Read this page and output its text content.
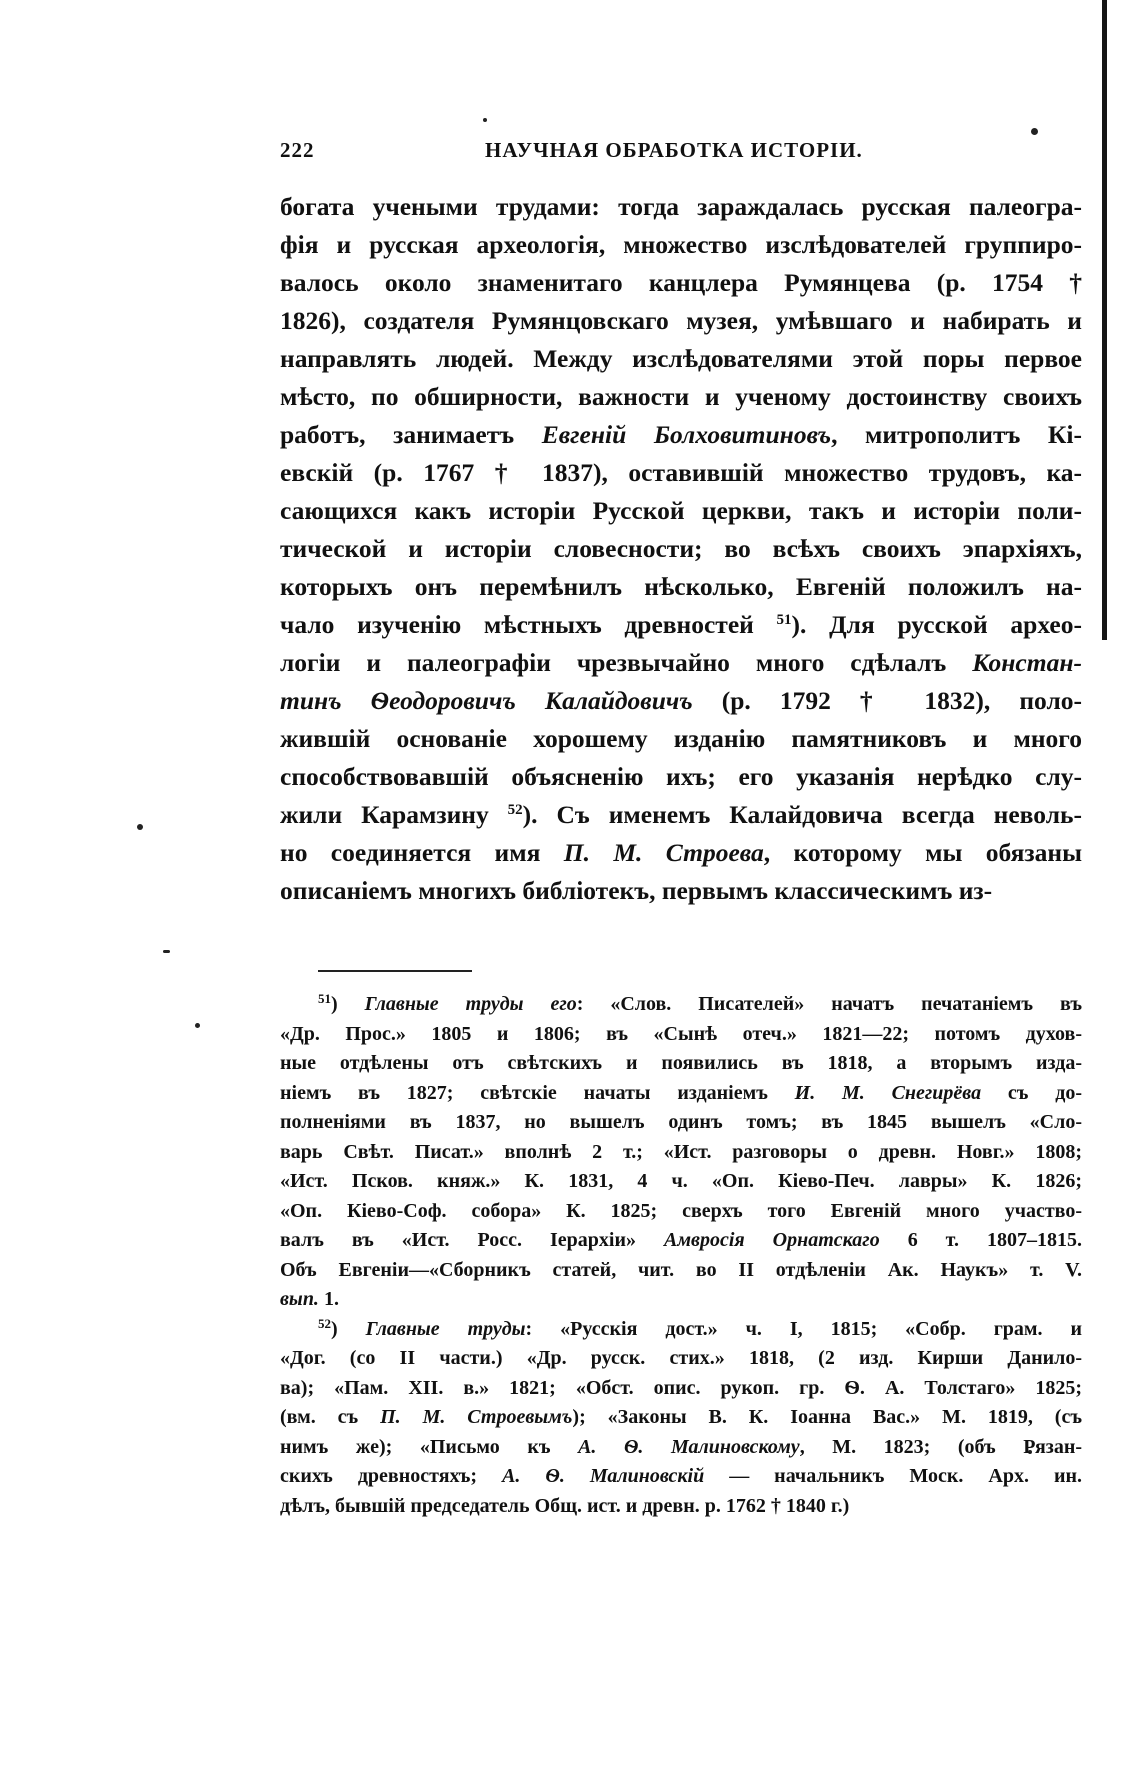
222	НАУЧНАЯ ОБРАБОТКА ИСТОРІИ.
богата учеными трудами: тогда зараждалась русская палеогра-
фія и русская археологія, множество изслѣдователей группиро-
валось около знаменитаго канцлера Румянцева (р. 1754 †
1826), создателя Румянцовскаго музея, умѣвшаго и набирать и
направлять людей. Между изслѣдователями этой поры первое
мѣсто, по обширности, важности и ученому достоинству своихъ
работъ, занимаетъ Евгеній Болховитиновъ, митрополитъ Кі-
евскій (р. 1767 † 1837), оставившій множество трудовъ, ка-
сающихся какъ исторіи Русской церкви, такъ и исторіи поли-
тической и исторіи словесности; во всѣхъ своихъ эпархіяхъ,
которыхъ онъ перемѣнилъ нѣсколько, Евгеній положилъ на-
чало изученію мѣстныхъ древностей $^{51}$). Для русской архео-
логіи и палеографіи чрезвычайно много сдѣлалъ Констан-
тинъ Ѳеодоровичъ Калайдовичъ (р. 1792 † 1832), поло-
жившій основаніе хорошему изданію памятниковъ и много
способствовавшій объясненію ихъ; его указанія нерѣдко слу-
жили Карамзину $^{52}$). Съ именемъ Калайдовича всегда неволь-
но соединяется имя П. М. Строева, которому мы обязаны
описаніемъ многихъ библіотекъ, первымъ классическимъ из-
$^{51}$) Главные труды его: «Слов. Писателей» начатъ печатаніемъ въ
«Др. Прос.» 1805 и 1806; въ «Сынѣ отеч.» 1821—22; потомъ духов-
ные отдѣлены отъ свѣтскихъ и появились въ 1818, а вторымъ изда-
ніемъ въ 1827; свѣтскіе начаты изданіемъ И. М. Снегирёва съ до-
полненіями въ 1837, но вышелъ одинъ томъ; въ 1845 вышелъ «Сло-
варь Свѣт. Писат.» вполнѣ 2 т.; «Ист. разговоры о древн. Новг.» 1808;
«Ист. Псков. княж.» К. 1831, 4 ч. «Оп. Кіево-Печ. лавры» К. 1826;
«Оп. Кіево-Соф. собора» К. 1825; сверхъ того Евгеній много участво-
валъ въ «Ист. Росс. Іерархіи» Амвросія Орнатскаго 6 т. 1807–1815.
Объ Евгеніи—«Сборникъ статей, чит. во II отдѣленіи Ак. Наукъ» т. V.
вып. 1.
$^{52}$) Главные труды: «Русскія дост.» ч. I, 1815; «Собр. грам. и
«Дог. (со II части.) «Др. русск. стих.» 1818, (2 изд. Кирши Данило-
ва); «Пам. XII. в.» 1821; «Обст. опис. рукоп. гр. Ѳ. А. Толстаго» 1825;
(вм. съ П. М. Строевымъ); «Законы В. К. Іоанна Вас.» М. 1819, (съ
нимъ же); «Письмо къ А. Ѳ. Малиновскому, М. 1823; (объ Рязан-
скихъ древностяхъ; А. Ѳ. Малиновскій — начальникъ Моск. Арх. ин.
дѣлъ, бывшій председатель Общ. ист. и древн. р. 1762 † 1840 г.)
